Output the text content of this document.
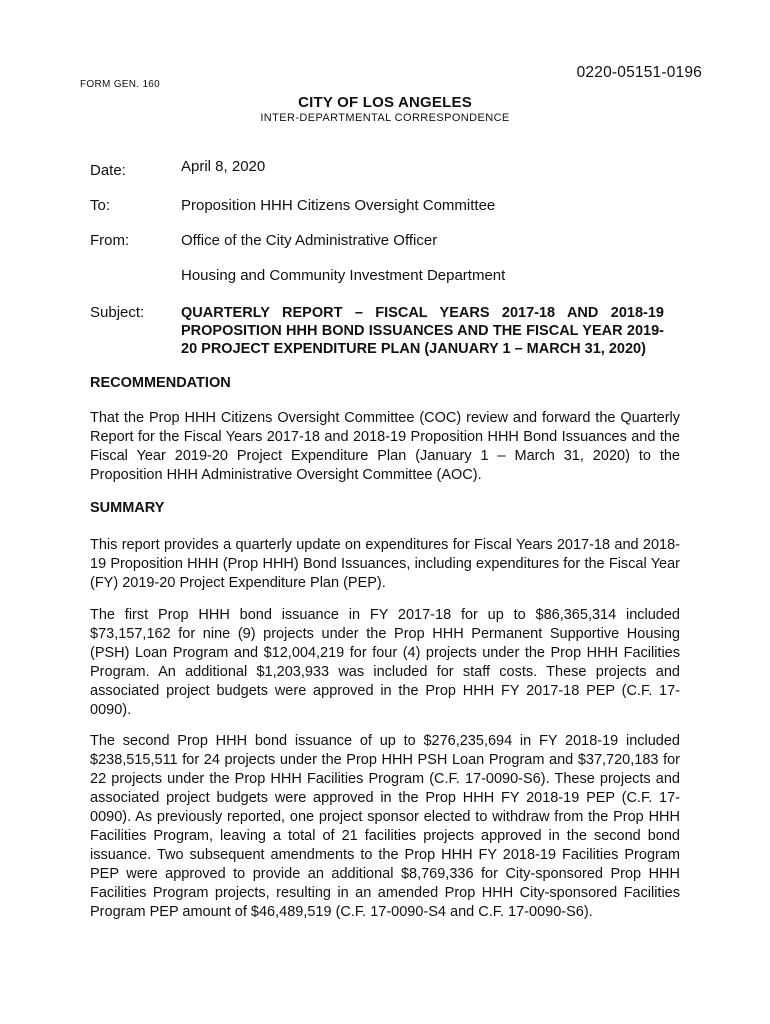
0220-05151-0196
FORM GEN. 160
CITY OF LOS ANGELES
INTER-DEPARTMENTAL CORRESPONDENCE
Date:	April 8, 2020
To:	Proposition HHH Citizens Oversight Committee
From:	Office of the City Administrative Officer
Housing and Community Investment Department
Subject:	QUARTERLY REPORT – FISCAL YEARS 2017-18 AND 2018-19 PROPOSITION HHH BOND ISSUANCES AND THE FISCAL YEAR 2019-20 PROJECT EXPENDITURE PLAN (JANUARY 1 – MARCH 31, 2020)
RECOMMENDATION
That the Prop HHH Citizens Oversight Committee (COC) review and forward the Quarterly Report for the Fiscal Years 2017-18 and 2018-19 Proposition HHH Bond Issuances and the Fiscal Year 2019-20 Project Expenditure Plan (January 1 – March 31, 2020) to the Proposition HHH Administrative Oversight Committee (AOC).
SUMMARY
This report provides a quarterly update on expenditures for Fiscal Years 2017-18 and 2018-19 Proposition HHH (Prop HHH) Bond Issuances, including expenditures for the Fiscal Year (FY) 2019-20 Project Expenditure Plan (PEP).
The first Prop HHH bond issuance in FY 2017-18 for up to $86,365,314 included $73,157,162 for nine (9) projects under the Prop HHH Permanent Supportive Housing (PSH) Loan Program and $12,004,219 for four (4) projects under the Prop HHH Facilities Program. An additional $1,203,933 was included for staff costs. These projects and associated project budgets were approved in the Prop HHH FY 2017-18 PEP (C.F. 17-0090).
The second Prop HHH bond issuance of up to $276,235,694 in FY 2018-19 included $238,515,511 for 24 projects under the Prop HHH PSH Loan Program and $37,720,183 for 22 projects under the Prop HHH Facilities Program (C.F. 17-0090-S6). These projects and associated project budgets were approved in the Prop HHH FY 2018-19 PEP (C.F. 17-0090). As previously reported, one project sponsor elected to withdraw from the Prop HHH Facilities Program, leaving a total of 21 facilities projects approved in the second bond issuance. Two subsequent amendments to the Prop HHH FY 2018-19 Facilities Program PEP were approved to provide an additional $8,769,336 for City-sponsored Prop HHH Facilities Program projects, resulting in an amended Prop HHH City-sponsored Facilities Program PEP amount of $46,489,519 (C.F. 17-0090-S4 and C.F. 17-0090-S6).
